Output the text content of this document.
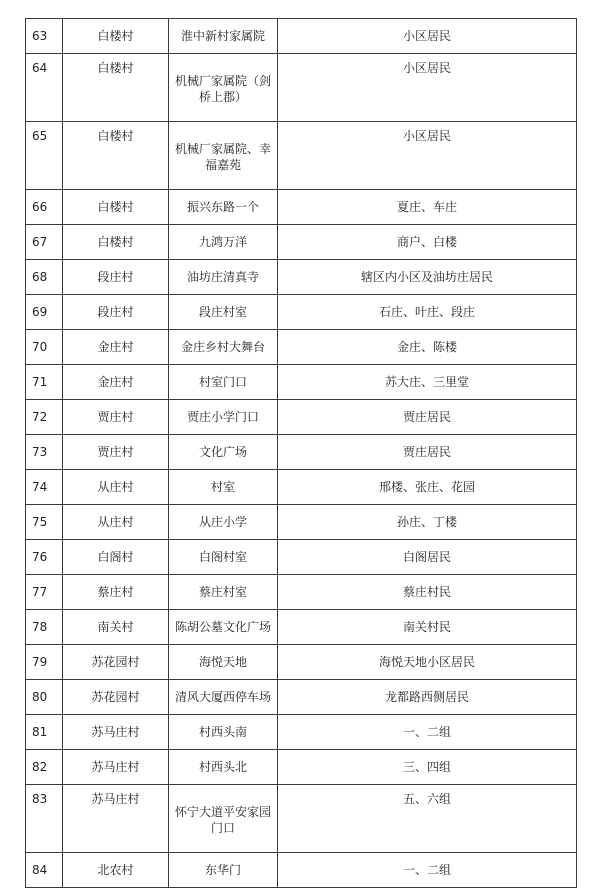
63	白楼村	淮中新村家属院	小区居民
64	白楼村	机械厂家属院（剑桥上郡）	小区居民
65	白楼村	机械厂家属院、幸福嘉苑	小区居民
66	白楼村	振兴东路一个	夏庄、车庄
67	白楼村	九鸿万洋	商户、白楼
68	段庄村	油坊庄清真寺	辖区内小区及油坊庄居民
69	段庄村	段庄村室	石庄、叶庄、段庄
70	金庄村	金庄乡村大舞台	金庄、陈楼
71	金庄村	村室门口	苏大庄、三里堂
72	贾庄村	贾庄小学门口	贾庄居民
73	贾庄村	文化广场	贾庄居民
74	从庄村	村室	邢楼、张庄、花园
75	从庄村	从庄小学	孙庄、丁楼
76	白阁村	白阁村室	白阁居民
77	蔡庄村	蔡庄村室	蔡庄村民
78	南关村	陈胡公墓文化广场	南关村民
79	苏花园村	海悦天地	海悦天地小区居民
80	苏花园村	清风大厦西停车场	龙都路西侧居民
81	苏马庄村	村西头南	一、二组
82	苏马庄村	村西头北	三、四组
83	苏马庄村	怀宁大道平安家园门口	五、六组
84	北农村	东华门	一、二组
